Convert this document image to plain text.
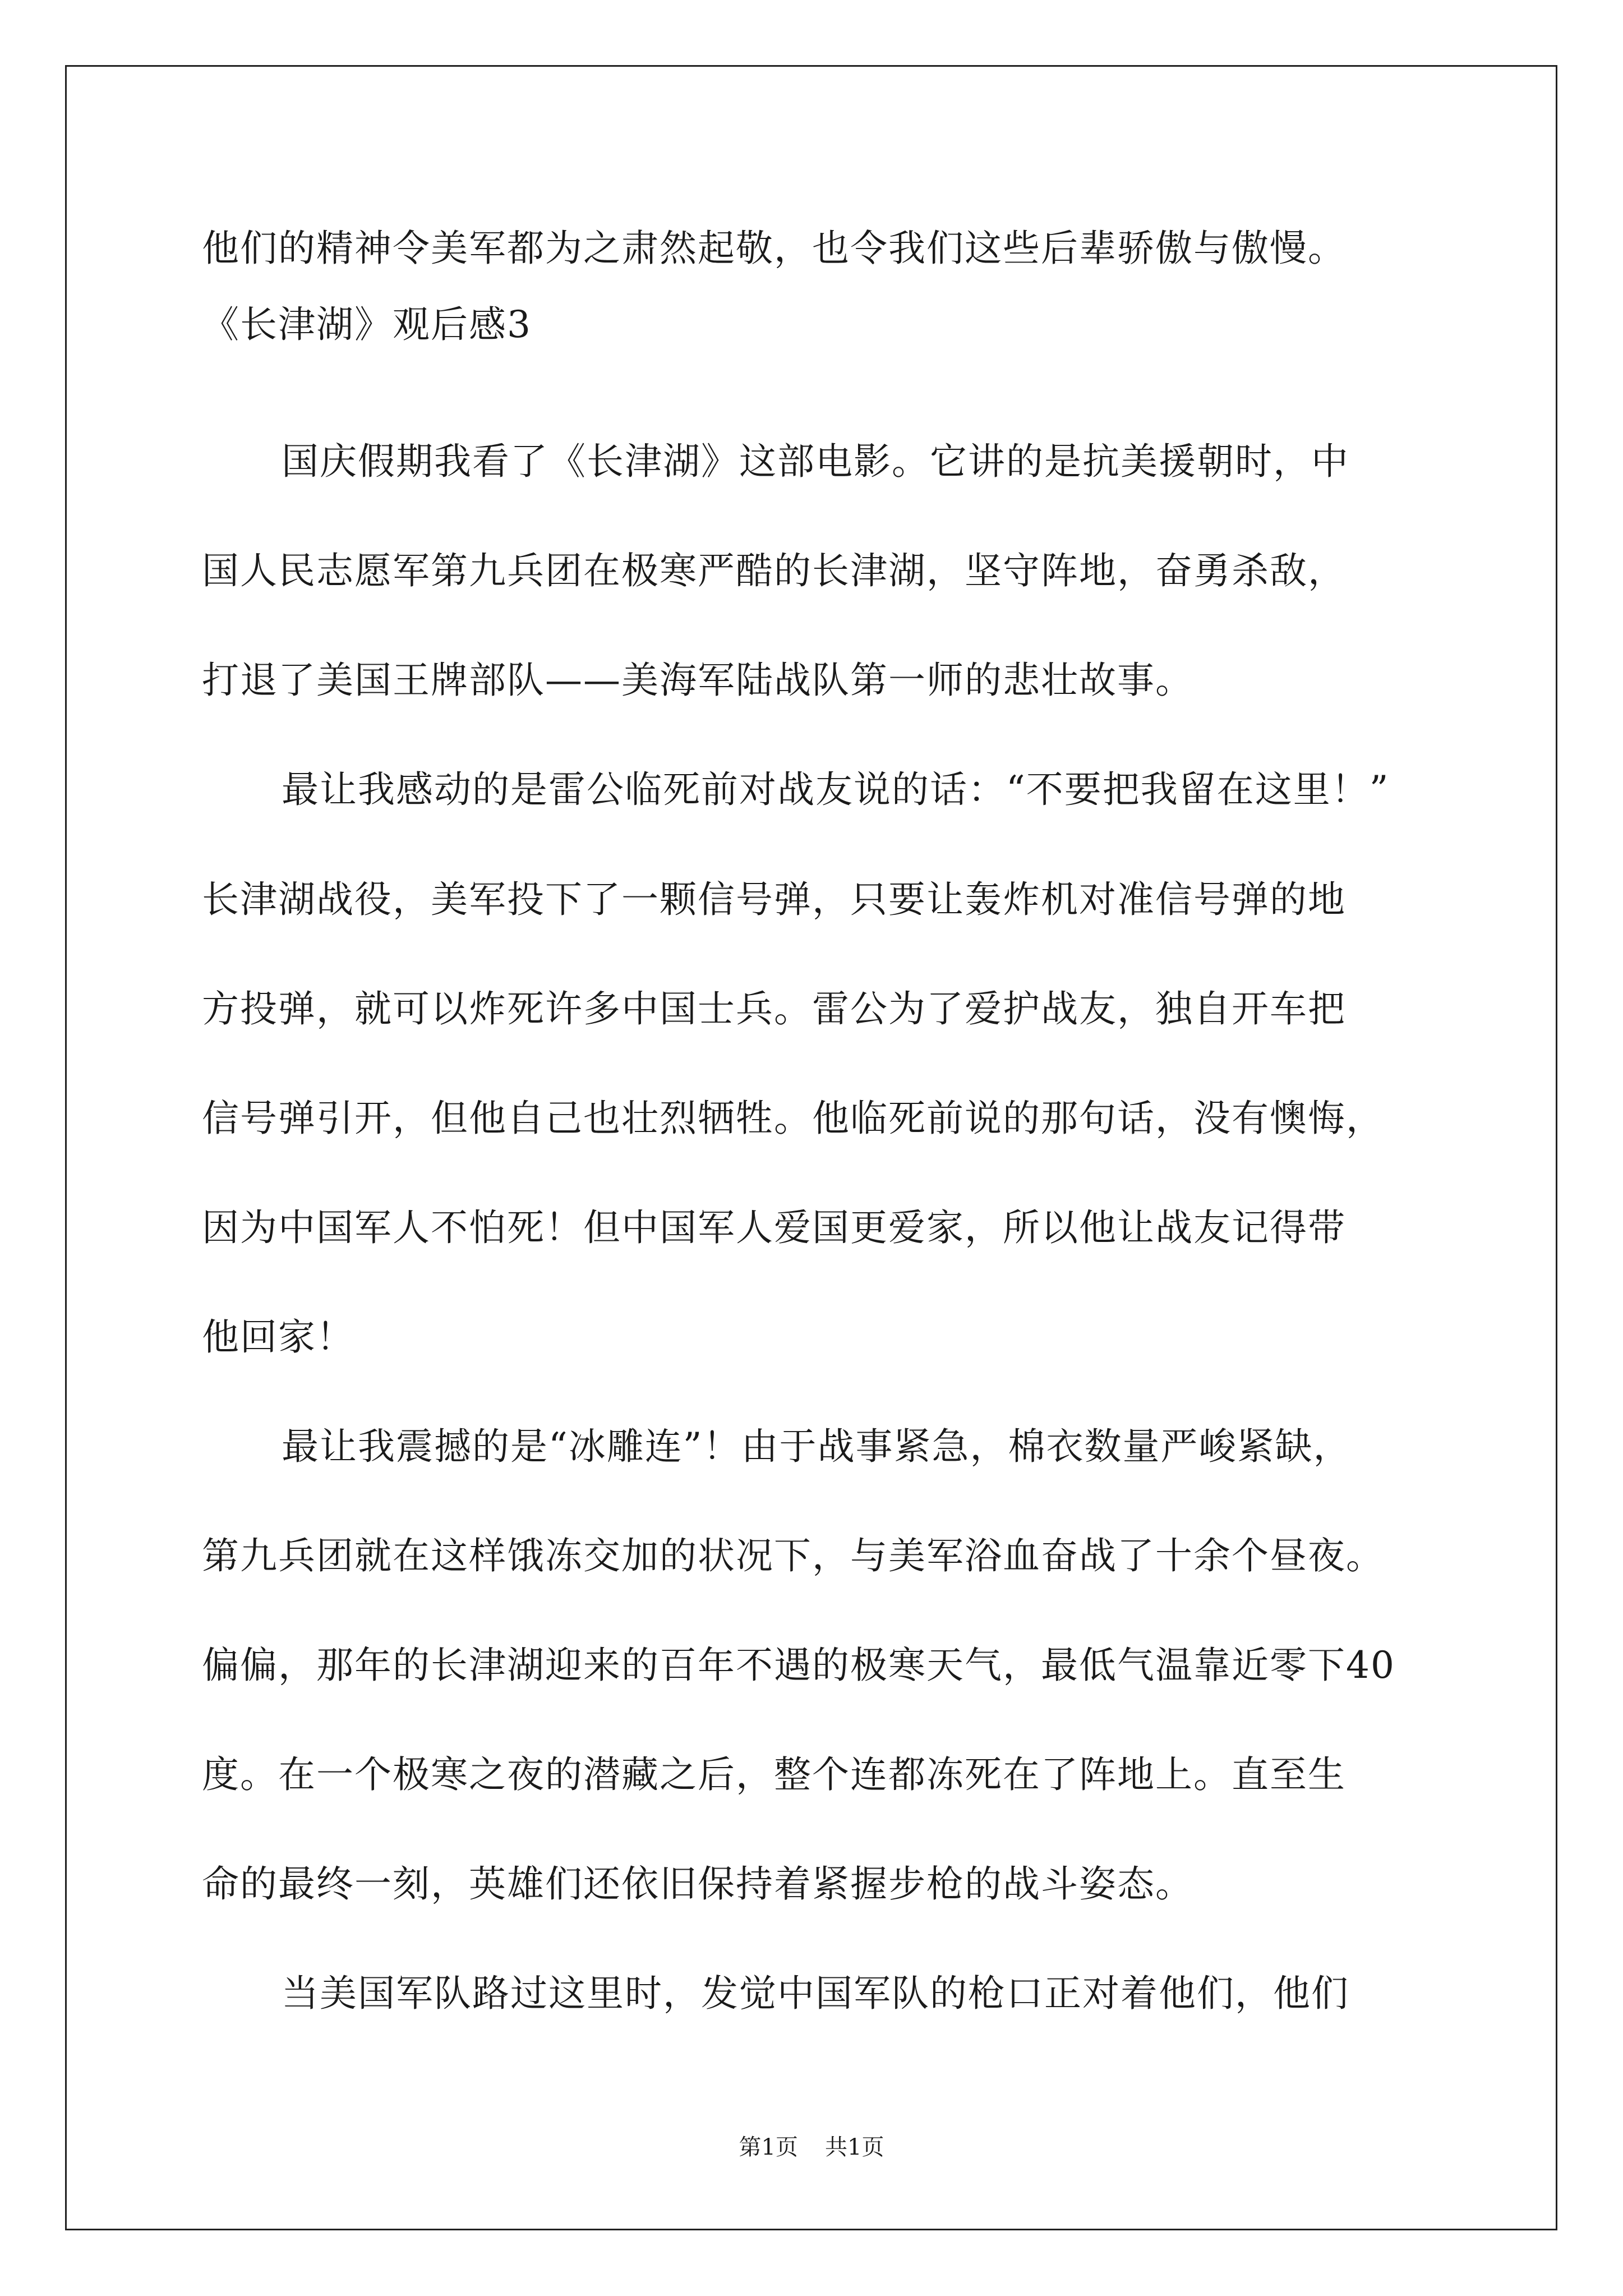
他们的精神令美军都为之肃然起敬，也令我们这些后辈骄傲与傲慢。
《长津湖》观后感3
国庆假期我看了《长津湖》这部电影。它讲的是抗美援朝时，中
国人民志愿军第九兵团在极寒严酷的长津湖，坚守阵地，奋勇杀敌，
打退了美国王牌部队——美海军陆战队第一师的悲壮故事。
最让我感动的是雷公临死前对战友说的话：“不要把我留在这里！”
长津湖战役，美军投下了一颗信号弹，只要让轰炸机对准信号弹的地
方投弹，就可以炸死许多中国士兵。雷公为了爱护战友，独自开车把
信号弹引开，但他自己也壮烈牺牲。他临死前说的那句话，没有懊悔，
因为中国军人不怕死！但中国军人爱国更爱家，所以他让战友记得带
他回家！
最让我震撼的是“冰雕连”！由于战事紧急，棉衣数量严峻紧缺，
第九兵团就在这样饿冻交加的状况下，与美军浴血奋战了十余个昼夜。
偏偏，那年的长津湖迎来的百年不遇的极寒天气，最低气温靠近零下40
度。在一个极寒之夜的潜藏之后，整个连都冻死在了阵地上。直至生
命的最终一刻，英雄们还依旧保持着紧握步枪的战斗姿态。
当美国军队路过这里时，发觉中国军队的枪口正对着他们，他们
第1页 共1页
